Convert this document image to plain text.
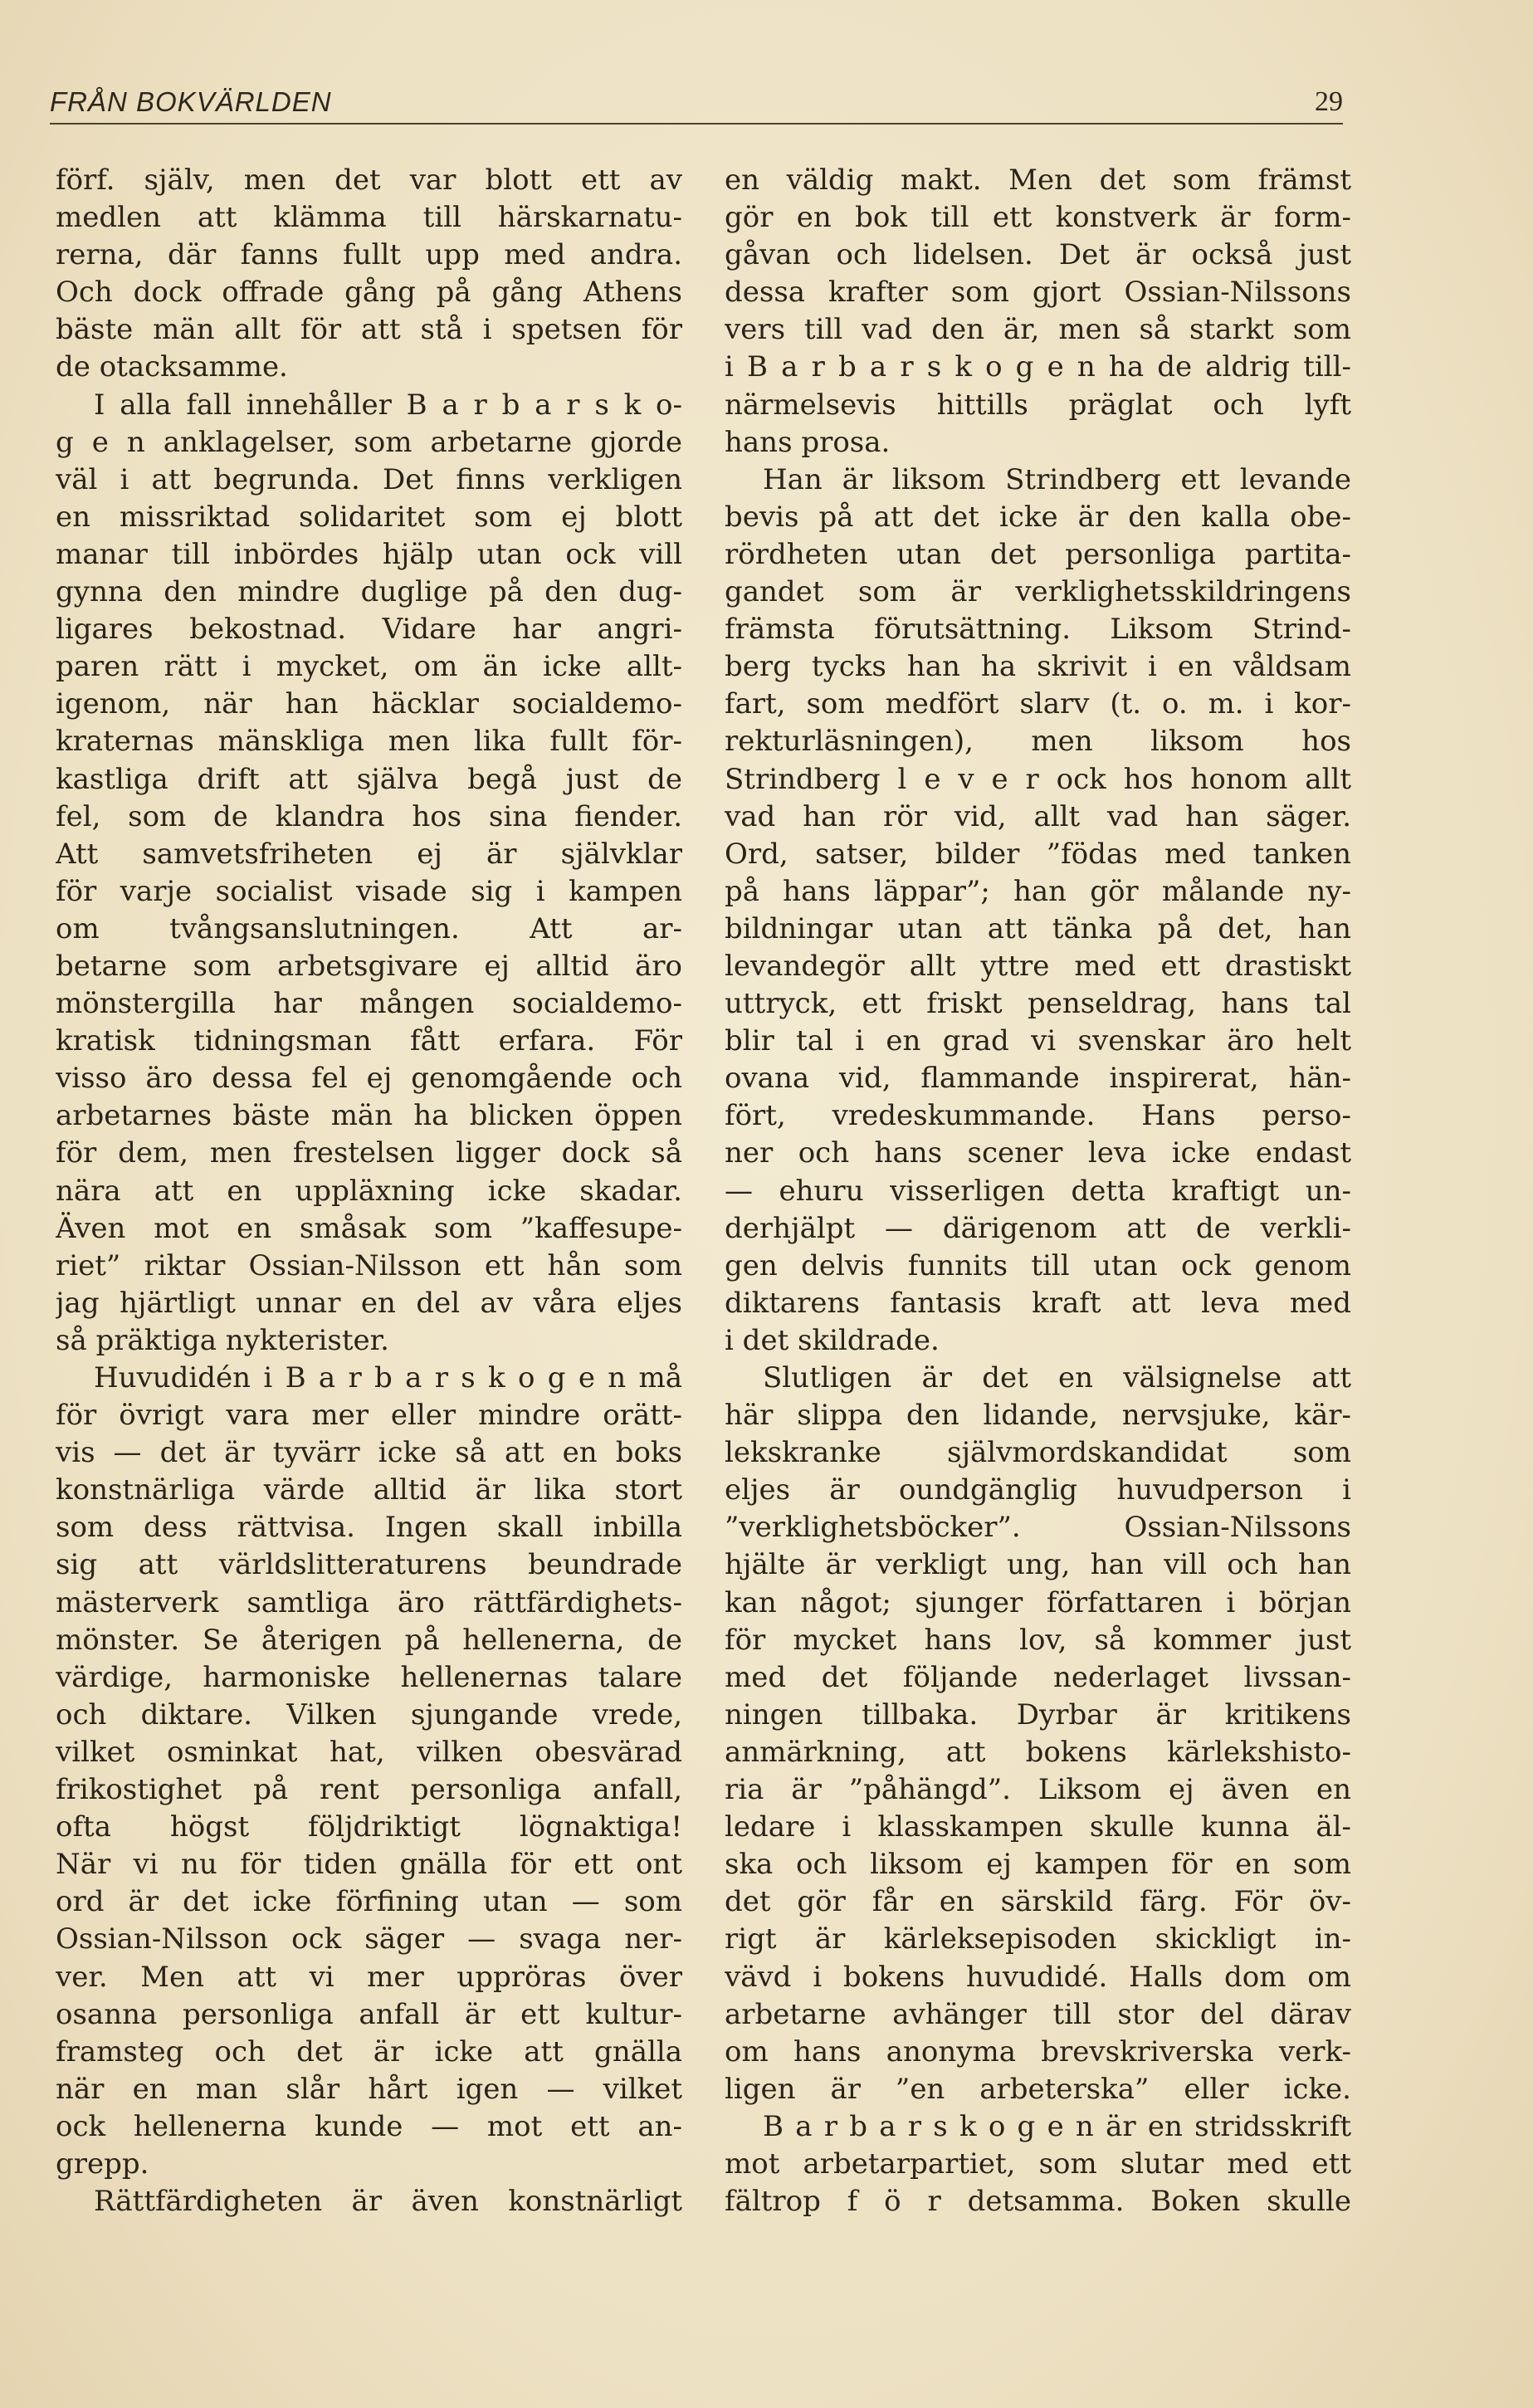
FRÅN BOKVÄRLDEN	29
förf. själv, men det var blott ett av
medlen att klämma till härskarnatu-
rerna, där fanns fullt upp med andra.
Och dock offrade gång på gång Athens
bäste män allt för att stå i spetsen för
de otacksamme.
I alla fall innehåller B a r b a r s k o-
g e n anklagelser, som arbetarne gjorde
väl i att begrunda. Det finns verkligen
en missriktad solidaritet som ej blott
manar till inbördes hjälp utan ock vill
gynna den mindre duglige på den dug-
ligares bekostnad. Vidare har angri-
paren rätt i mycket, om än icke allt-
igenom, när han häcklar socialdemo-
kraternas mänskliga men lika fullt för-
kastliga drift att själva begå just de
fel, som de klandra hos sina fiender.
Att samvetsfriheten ej är självklar
för varje socialist visade sig i kampen
om tvångsanslutningen. Att ar-
betarne som arbetsgivare ej alltid äro
mönstergilla har mången socialdemo-
kratisk tidningsman fått erfara. För
visso äro dessa fel ej genomgående och
arbetarnes bäste män ha blicken öppen
för dem, men frestelsen ligger dock så
nära att en uppläxning icke skadar.
Även mot en småsak som ”kaffesupe-
riet” riktar Ossian-Nilsson ett hån som
jag hjärtligt unnar en del av våra eljes
så präktiga nykterister.
Huvudidén i B a r b a r s k o g e n må
för övrigt vara mer eller mindre orätt-
vis — det är tyvärr icke så att en boks
konstnärliga värde alltid är lika stort
som dess rättvisa. Ingen skall inbilla
sig att världslitteraturens beundrade
mästerverk samtliga äro rättfärdighets-
mönster. Se återigen på hellenerna, de
värdige, harmoniske hellenernas talare
och diktare. Vilken sjungande vrede,
vilket osminkat hat, vilken obesvärad
frikostighet på rent personliga anfall,
ofta högst följdriktigt lögnaktiga!
När vi nu för tiden gnälla för ett ont
ord är det icke förfining utan — som
Ossian-Nilsson ock säger — svaga ner-
ver. Men att vi mer uppröras över
osanna personliga anfall är ett kultur-
framsteg och det är icke att gnälla
när en man slår hårt igen — vilket
ock hellenerna kunde — mot ett an-
grepp.
Rättfärdigheten är även konstnärligt
en väldig makt. Men det som främst
gör en bok till ett konstverk är form-
gåvan och lidelsen. Det är också just
dessa krafter som gjort Ossian-Nilssons
vers till vad den är, men så starkt som
i B a r b a r s k o g e n ha de aldrig till-
närmelsevis hittills präglat och lyft
hans prosa.
Han är liksom Strindberg ett levande
bevis på att det icke är den kalla obe-
rördheten utan det personliga partita-
gandet som är verklighetsskildringens
främsta förutsättning. Liksom Strind-
berg tycks han ha skrivit i en våldsam
fart, som medfört slarv (t. o. m. i kor-
rekturläsningen), men liksom hos
Strindberg l e v e r ock hos honom allt
vad han rör vid, allt vad han säger.
Ord, satser, bilder ”födas med tanken
på hans läppar”; han gör målande ny-
bildningar utan att tänka på det, han
levandegör allt yttre med ett drastiskt
uttryck, ett friskt penseldrag, hans tal
blir tal i en grad vi svenskar äro helt
ovana vid, flammande inspirerat, hän-
fört, vredeskummande. Hans perso-
ner och hans scener leva icke endast
— ehuru visserligen detta kraftigt un-
derhjälpt — därigenom att de verkli-
gen delvis funnits till utan ock genom
diktarens fantasis kraft att leva med
i det skildrade.
Slutligen är det en välsignelse att
här slippa den lidande, nervsjuke, kär-
lekskranke självmordskandidat som
eljes är oundgänglig huvudperson i
”verklighetsböcker”. Ossian-Nilssons
hjälte är verkligt ung, han vill och han
kan något; sjunger författaren i början
för mycket hans lov, så kommer just
med det följande nederlaget livssan-
ningen tillbaka. Dyrbar är kritikens
anmärkning, att bokens kärlekshisto-
ria är ”påhängd”. Liksom ej även en
ledare i klasskampen skulle kunna äl-
ska och liksom ej kampen för en som
det gör får en särskild färg. För öv-
rigt är kärleksepisoden skickligt in-
vävd i bokens huvudidé. Halls dom om
arbetarne avhänger till stor del därav
om hans anonyma brevskriverska verk-
ligen är ”en arbeterska” eller icke.
B a r b a r s k o g e n är en stridsskrift
mot arbetarpartiet, som slutar med ett
fältrop f ö r detsamma. Boken skulle
